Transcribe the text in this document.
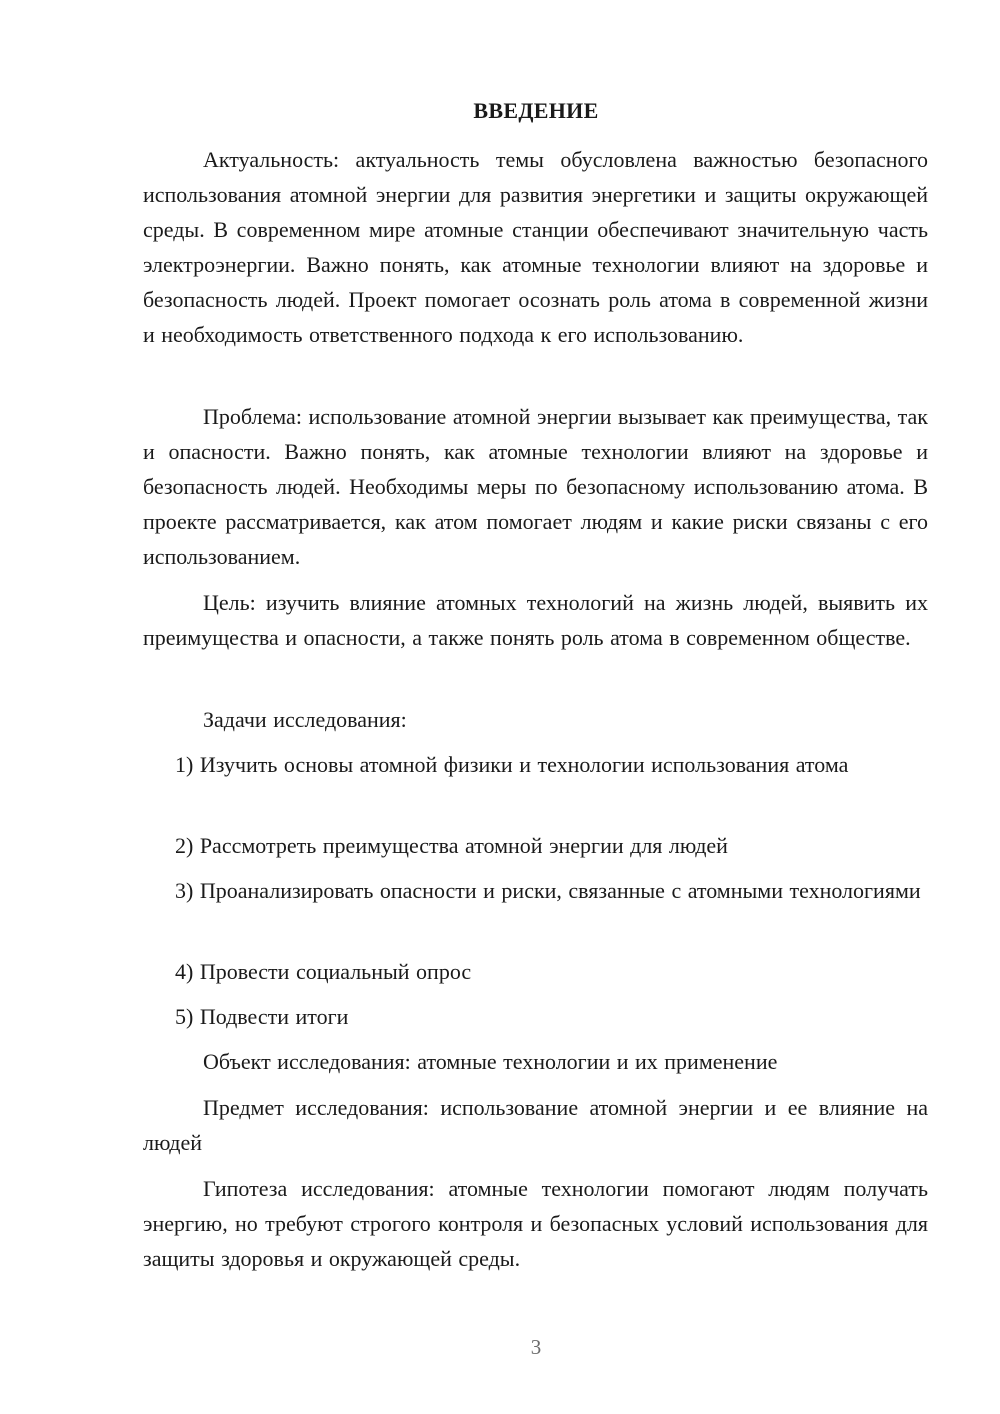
ВВЕДЕНИЕ

Актуальность: актуальность темы обусловлена важностью безопасного использования атомной энергии для развития энергетики и защиты окружающей среды. В современном мире атомные станции обеспечивают значительную часть электроэнергии. Важно понять, как атомные технологии влияют на здоровье и безопасность людей. Проект помогает осознать роль атома в современной жизни и необходимость ответственного подхода к его использованию.

Проблема: использование атомной энергии вызывает как преимущества, так и опасности. Важно понять, как атомные технологии влияют на здоровье и безопасность людей. Необходимы меры по безопасному использованию атома. В проекте рассматривается, как атом помогает людям и какие риски связаны с его использованием.

Цель: изучить влияние атомных технологий на жизнь людей, выявить их преимущества и опасности, а также понять роль атома в современном обществе.

Задачи исследования:

1) Изучить основы атомной физики и технологии использования атома

2) Рассмотреть преимущества атомной энергии для людей

3) Проанализировать опасности и риски, связанные с атомными технологиями

4) Провести социальный опрос

5) Подвести итоги

Объект исследования: атомные технологии и их применение

Предмет исследования: использование атомной энергии и ее влияние на людей

Гипотеза исследования: атомные технологии помогают людям получать энергию, но требуют строгого контроля и безопасных условий использования для защиты здоровья и окружающей среды.

3
